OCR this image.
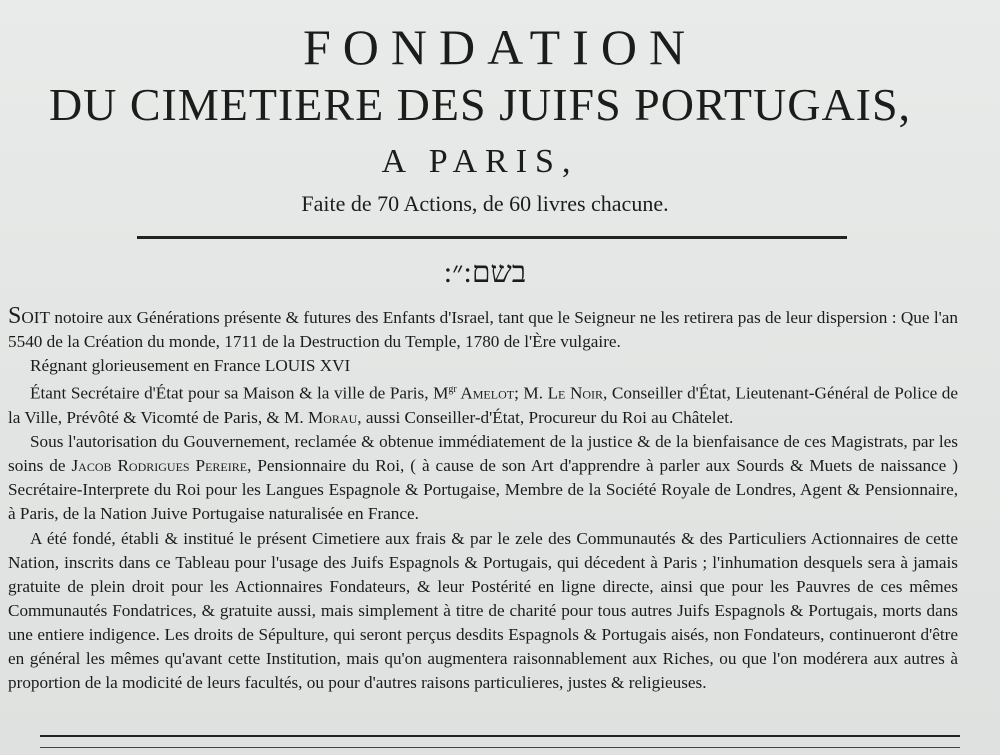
FONDATION
DU CIMETIERE DES JUIFS PORTUGAIS,
A PARIS,
Faite de 70 Actions, de 60 livres chacune.
בשם:״:

SOIT notoire aux Générations présente & futures des Enfants d'Israel, tant que le Seigneur ne les retirera pas de leur dispersion : Que l'an 5540 de la Création du monde, 1711 de la Destruction du Temple, 1780 de l'Ère vulgaire.

Régnant glorieusement en France LOUIS XVI

Étant Secrétaire d'État pour sa Maison & la ville de Paris, $M^{gr}$ Amelot; M. Le Noir, Conseiller d'État, Lieutenant-Général de Police de la Ville, Prévôté & Vicomté de Paris, & M. Morau, aussi Conseiller-d'État, Procureur du Roi au Châtelet.

Sous l'autorisation du Gouvernement, reclamée & obtenue immédiatement de la justice & de la bienfaisance de ces Magistrats, par les soins de Jacob Rodrigues Pereire, Pensionnaire du Roi, ( à cause de son Art d'apprendre à parler aux Sourds & Muets de naissance ) Secrétaire-Interprete du Roi pour les Langues Espagnole & Portugaise, Membre de la Société Royale de Londres, Agent & Pensionnaire, à Paris, de la Nation Juive Portugaise naturalisée en France.

A été fondé, établi & institué le présent Cimetiere aux frais & par le zele des Communautés & des Particuliers Actionnaires de cette Nation, inscrits dans ce Tableau pour l'usage des Juifs Espagnols & Portugais, qui décedent à Paris ; l'inhumation desquels sera à jamais gratuite de plein droit pour les Actionnaires Fondateurs, & leur Postérité en ligne directe, ainsi que pour les Pauvres de ces mêmes Communautés Fondatrices, & gratuite aussi, mais simplement à titre de charité pour tous autres Juifs Espagnols & Portugais, morts dans une entiere indigence. Les droits de Sépulture, qui seront perçus desdits Espagnols & Portugais aisés, non Fondateurs, continueront d'être en général les mêmes qu'avant cette Institution, mais qu'on augmentera raisonnablement aux Riches, ou que l'on modérera aux autres à proportion de la modicité de leurs facultés, ou pour d'autres raisons particulieres, justes & religieuses.
